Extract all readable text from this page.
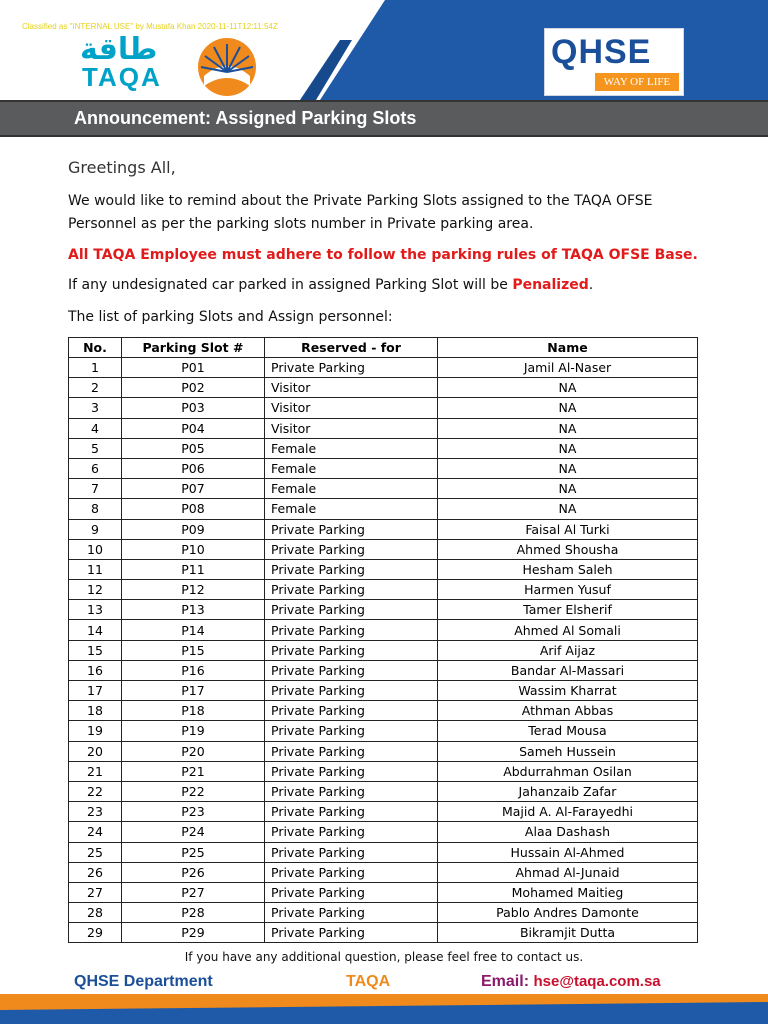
Classified as "INTERNAL USE" by Mustafa Khan 2020-11-11T12:11:54Z
طاقة
TAQA
QHSE
WAY OF LIFE
Announcement: Assigned Parking Slots
Greetings All,
We would like to remind about the Private Parking Slots assigned to the TAQA OFSE
Personnel as per the parking slots number in Private parking area.
All TAQA Employee must adhere to follow the parking rules of TAQA OFSE Base.
If any undesignated car parked in assigned Parking Slot will be Penalized.
The list of parking Slots and Assign personnel:
No.	Parking Slot #	Reserved - for	Name
1	P01	Private Parking	Jamil Al-Naser
2	P02	Visitor	NA
3	P03	Visitor	NA
4	P04	Visitor	NA
5	P05	Female	NA
6	P06	Female	NA
7	P07	Female	NA
8	P08	Female	NA
9	P09	Private Parking	Faisal Al Turki
10	P10	Private Parking	Ahmed Shousha
11	P11	Private Parking	Hesham Saleh
12	P12	Private Parking	Harmen Yusuf
13	P13	Private Parking	Tamer Elsherif
14	P14	Private Parking	Ahmed Al Somali
15	P15	Private Parking	Arif Aijaz
16	P16	Private Parking	Bandar Al-Massari
17	P17	Private Parking	Wassim Kharrat
18	P18	Private Parking	Athman Abbas
19	P19	Private Parking	Terad Mousa
20	P20	Private Parking	Sameh Hussein
21	P21	Private Parking	Abdurrahman Osilan
22	P22	Private Parking	Jahanzaib Zafar
23	P23	Private Parking	Majid A. Al-Farayedhi
24	P24	Private Parking	Alaa Dashash
25	P25	Private Parking	Hussain Al-Ahmed
26	P26	Private Parking	Ahmad Al-Junaid
27	P27	Private Parking	Mohamed Maitieg
28	P28	Private Parking	Pablo Andres Damonte
29	P29	Private Parking	Bikramjit Dutta
If you have any additional question, please feel free to contact us.
QHSE Department	TAQA	Email: hse@taqa.com.sa
